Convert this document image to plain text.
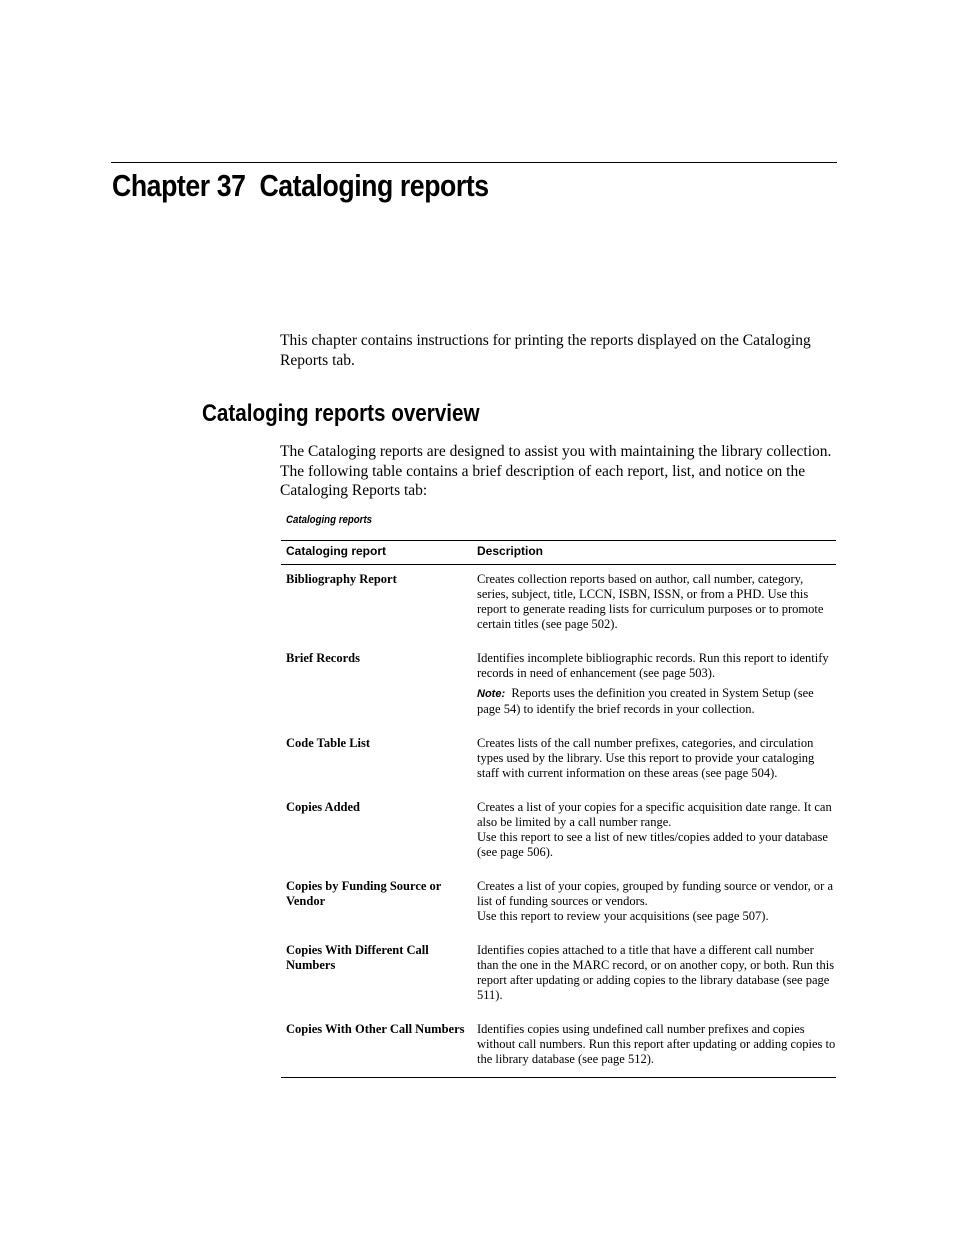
Chapter 37  Cataloging reports

This chapter contains instructions for printing the reports displayed on the Cataloging Reports tab.

Cataloging reports overview

The Cataloging reports are designed to assist you with maintaining the library collection. The following table contains a brief description of each report, list, and notice on the Cataloging Reports tab:

Cataloging reports
Cataloging report	Description
Bibliography Report	Creates collection reports based on author, call number, category, series, subject, title, LCCN, ISBN, ISSN, or from a PHD. Use this report to generate reading lists for curriculum purposes or to promote certain titles (see page 502).
Brief Records	Identifies incomplete bibliographic records. Run this report to identify records in need of enhancement (see page 503).
Note: Reports uses the definition you created in System Setup (see page 54) to identify the brief records in your collection.

Code Table List	Creates lists of the call number prefixes, categories, and circulation types used by the library. Use this report to provide your cataloging staff with current information on these areas (see page 504).
Copies Added	Creates a list of your copies for a specific acquisition date range. It can also be limited by a call number range.
Use this report to see a list of new titles/copies added to your database (see page 506).
Copies by Funding Source or Vendor	Creates a list of your copies, grouped by funding source or vendor, or a list of funding sources or vendors.
Use this report to review your acquisitions (see page 507).
Copies With Different Call Numbers	Identifies copies attached to a title that have a different call number than the one in the MARC record, or on another copy, or both. Run this report after updating or adding copies to the library database (see page 511).
Copies With Other Call Numbers	Identifies copies using undefined call number prefixes and copies without call numbers. Run this report after updating or adding copies to the library database (see page 512).
